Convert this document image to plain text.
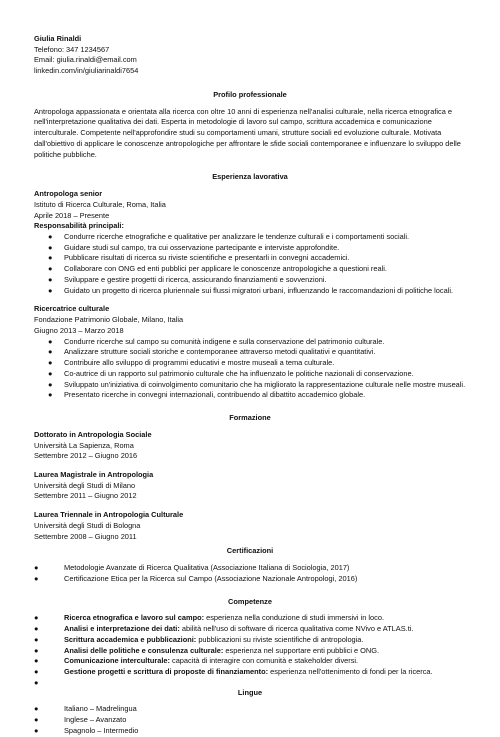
Giulia Rinaldi
Telefono: 347 1234567
Email: giulia.rinaldi@email.com
linkedin.com/in/giuliarinaldi7654
Profilo professionale
Antropologa appassionata e orientata alla ricerca con oltre 10 anni di esperienza nell'analisi culturale, nella ricerca etnografica e nell'interpretazione qualitativa dei dati. Esperta in metodologie di lavoro sul campo, scrittura accademica e comunicazione interculturale. Competente nell'approfondire studi su comportamenti umani, strutture sociali ed evoluzione culturale. Motivata dall'obiettivo di applicare le conoscenze antropologiche per affrontare le sfide sociali contemporanee e influenzare lo sviluppo delle politiche pubbliche.
Esperienza lavorativa
Antropologa senior
Istituto di Ricerca Culturale, Roma, Italia
Aprile 2018 – Presente
Responsabilità principali:
● Condurre ricerche etnografiche e qualitative per analizzare le tendenze culturali e i comportamenti sociali.
● Guidare studi sul campo, tra cui osservazione partecipante e interviste approfondite.
● Pubblicare risultati di ricerca su riviste scientifiche e presentarli in convegni accademici.
● Collaborare con ONG ed enti pubblici per applicare le conoscenze antropologiche a questioni reali.
● Sviluppare e gestire progetti di ricerca, assicurando finanziamenti e sovvenzioni.
● Guidato un progetto di ricerca pluriennale sui flussi migratori urbani, influenzando le raccomandazioni di politiche locali.
Ricercatrice culturale
Fondazione Patrimonio Globale, Milano, Italia
Giugno 2013 – Marzo 2018
● Condurre ricerche sul campo su comunità indigene e sulla conservazione del patrimonio culturale.
● Analizzare strutture sociali storiche e contemporanee attraverso metodi qualitativi e quantitativi.
● Contribuire allo sviluppo di programmi educativi e mostre museali a tema culturale.
● Co-autrice di un rapporto sul patrimonio culturale che ha influenzato le politiche nazionali di conservazione.
● Sviluppato un'iniziativa di coinvolgimento comunitario che ha migliorato la rappresentazione culturale nelle mostre museali.
● Presentato ricerche in convegni internazionali, contribuendo al dibattito accademico globale.
Formazione
Dottorato in Antropologia Sociale
Università La Sapienza, Roma
Settembre 2012 – Giugno 2016
Laurea Magistrale in Antropologia
Università degli Studi di Milano
Settembre 2011 – Giugno 2012
Laurea Triennale in Antropologia Culturale
Università degli Studi di Bologna
Settembre 2008 – Giugno 2011
Certificazioni
●	Metodologie Avanzate di Ricerca Qualitativa (Associazione Italiana di Sociologia, 2017)
●	Certificazione Etica per la Ricerca sul Campo (Associazione Nazionale Antropologi, 2016)
Competenze
●	Ricerca etnografica e lavoro sul campo: esperienza nella conduzione di studi immersivi in loco.
●	Analisi e interpretazione dei dati: abilità nell'uso di software di ricerca qualitativa come NVivo e ATLAS.ti.
●	Scrittura accademica e pubblicazioni: pubblicazioni su riviste scientifiche di antropologia.
●	Analisi delle politiche e consulenza culturale: esperienza nel supportare enti pubblici e ONG.
●	Comunicazione interculturale: capacità di interagire con comunità e stakeholder diversi.
●	Gestione progetti e scrittura di proposte di finanziamento: esperienza nell'ottenimento di fondi per la ricerca.
●
Lingue
●	Italiano – Madrelingua
●	Inglese – Avanzato
●	Spagnolo – Intermedio
